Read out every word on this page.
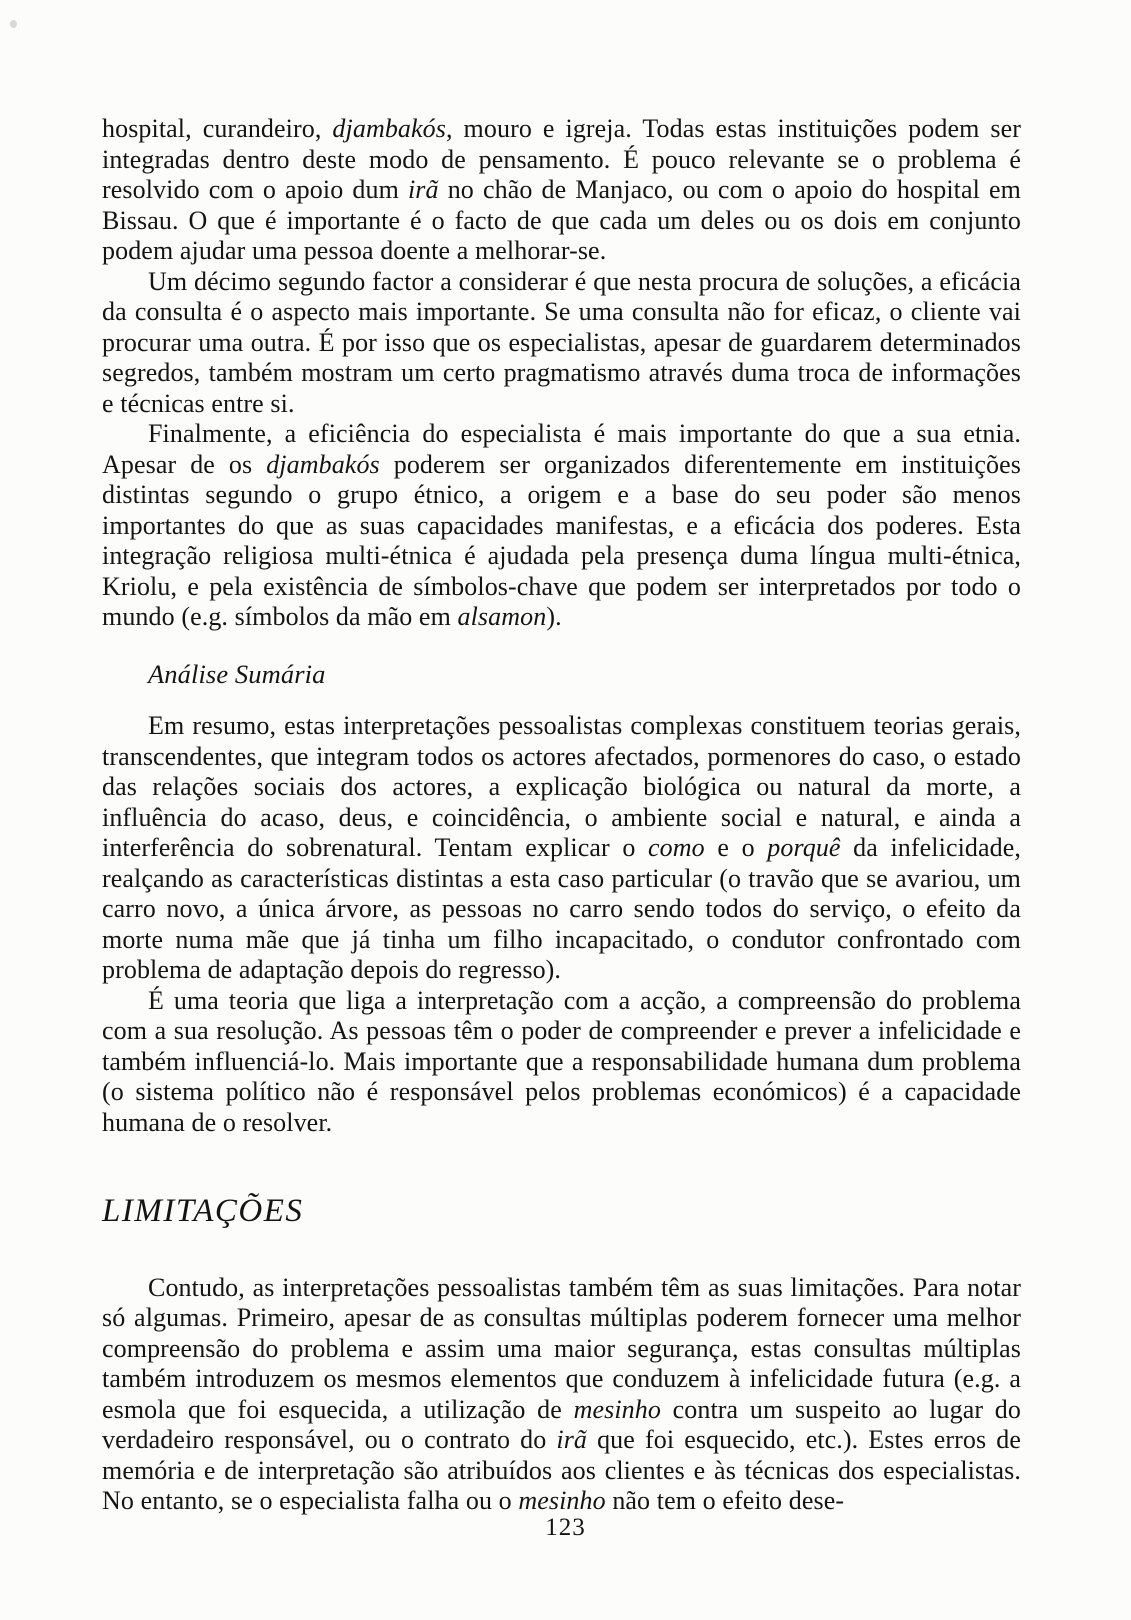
hospital, curandeiro, djambakós, mouro e igreja. Todas estas instituições podem ser integradas dentro deste modo de pensamento. É pouco relevante se o problema é resolvido com o apoio dum irã no chão de Manjaco, ou com o apoio do hospital em Bissau. O que é importante é o facto de que cada um deles ou os dois em conjunto podem ajudar uma pessoa doente a melhorar-se.

Um décimo segundo factor a considerar é que nesta procura de soluções, a eficácia da consulta é o aspecto mais importante. Se uma consulta não for eficaz, o cliente vai procurar uma outra. É por isso que os especialistas, apesar de guardarem determinados segredos, também mostram um certo pragmatismo através duma troca de informações e técnicas entre si.

Finalmente, a eficiência do especialista é mais importante do que a sua etnia. Apesar de os djambakós poderem ser organizados diferentemente em instituições distintas segundo o grupo étnico, a origem e a base do seu poder são menos importantes do que as suas capacidades manifestas, e a eficácia dos poderes. Esta integração religiosa multi-étnica é ajudada pela presença duma língua multi-étnica, Kriolu, e pela existência de símbolos-chave que podem ser interpretados por todo o mundo (e.g. símbolos da mão em alsamon).

Análise Sumária

Em resumo, estas interpretações pessoalistas complexas constituem teorias gerais, transcendentes, que integram todos os actores afectados, pormenores do caso, o estado das relações sociais dos actores, a explicação biológica ou natural da morte, a influência do acaso, deus, e coincidência, o ambiente social e natural, e ainda a interferência do sobrenatural. Tentam explicar o como e o porquê da infelicidade, realçando as características distintas a esta caso particular (o travão que se avariou, um carro novo, a única árvore, as pessoas no carro sendo todos do serviço, o efeito da morte numa mãe que já tinha um filho incapacitado, o condutor confrontado com problema de adaptação depois do regresso).

É uma teoria que liga a interpretação com a acção, a compreensão do problema com a sua resolução. As pessoas têm o poder de compreender e prever a infelicidade e também influenciá-lo. Mais importante que a responsabilidade humana dum problema (o sistema político não é responsável pelos problemas económicos) é a capacidade humana de o resolver.

LIMITAÇÕES

Contudo, as interpretações pessoalistas também têm as suas limitações. Para notar só algumas. Primeiro, apesar de as consultas múltiplas poderem fornecer uma melhor compreensão do problema e assim uma maior segurança, estas consultas múltiplas também introduzem os mesmos elementos que conduzem à infelicidade futura (e.g. a esmola que foi esquecida, a utilização de mesinho contra um suspeito ao lugar do verdadeiro responsável, ou o contrato do irã que foi esquecido, etc.). Estes erros de memória e de interpretação são atribuídos aos clientes e às técnicas dos especialistas. No entanto, se o especialista falha ou o mesinho não tem o efeito dese-

123
